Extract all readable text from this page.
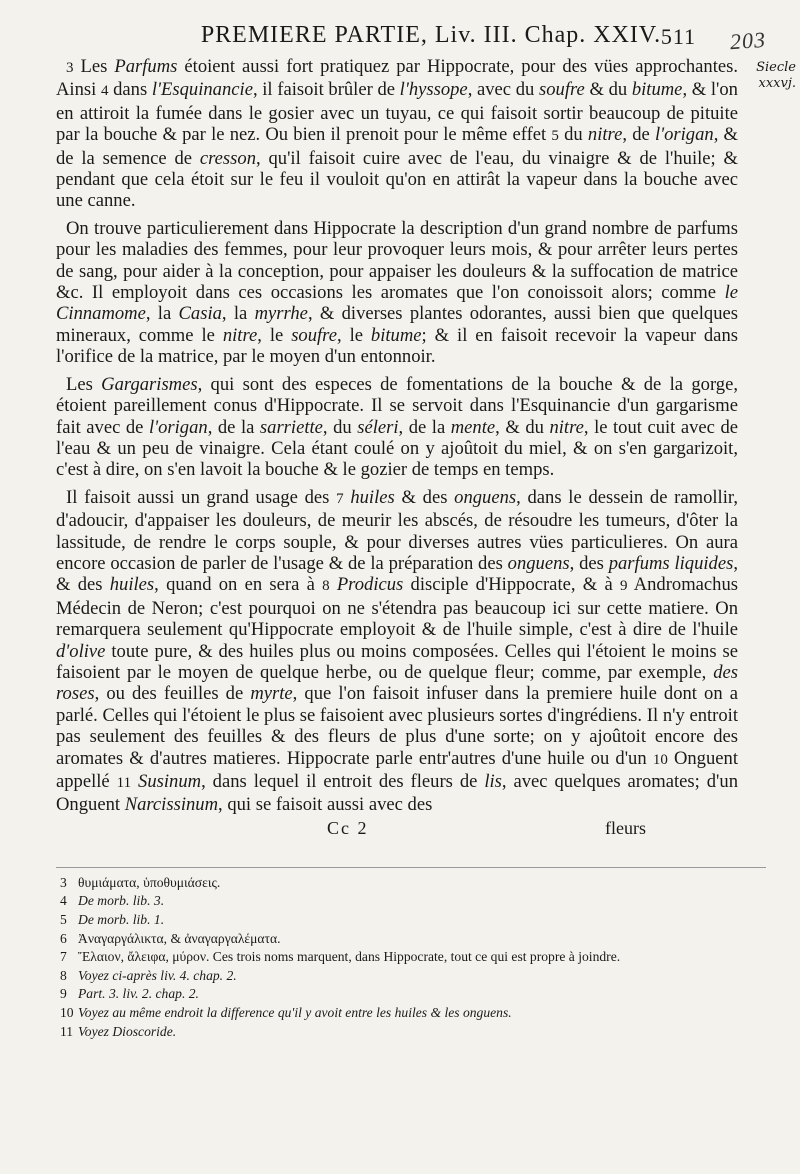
PREMIERE PARTIE, Liv. III. Chap. XXIV. 511 203
Siecle
xxxvj.

3 Les Parfums étoient aussi fort pratiquez par Hippocrate, pour des vües approchantes. Ainsi 4 dans l'Esquinancie, il faisoit brûler de l'hyssope, avec du soufre & du bitume, & l'on en attiroit la fumée dans le gosier avec un tuyau, ce qui faisoit sortir beaucoup de pituite par la bouche & par le nez. Ou bien il prenoit pour le même effet 5 du nitre, de l'origan, & de la semence de cresson, qu'il faisoit cuire avec de l'eau, du vinaigre & de l'huile; & pendant que cela étoit sur le feu il vouloit qu'on en attirât la vapeur dans la bouche avec une canne.

On trouve particulierement dans Hippocrate la description d'un grand nombre de parfums pour les maladies des femmes, pour leur provoquer leurs mois, & pour arrêter leurs pertes de sang, pour aider à la conception, pour appaiser les douleurs & la suffocation de matrice &c. Il employoit dans ces occasions les aromates que l'on conoissoit alors; comme le Cinnamome, la Casia, la myrrhe, & diverses plantes odorantes, aussi bien que quelques mineraux, comme le nitre, le soufre, le bitume; & il en faisoit recevoir la vapeur dans l'orifice de la matrice, par le moyen d'un entonnoir.

Les Gargarismes, qui sont des especes de fomentations de la bouche & de la gorge, étoient pareillement conus d'Hippocrate. Il se servoit dans l'Esquinancie d'un gargarisme fait avec de l'origan, de la sarriette, du séleri, de la mente, & du nitre, le tout cuit avec de l'eau & un peu de vinaigre. Cela étant coulé on y ajoûtoit du miel, & on s'en gargarizoit, c'est à dire, on s'en lavoit la bouche & le gozier de temps en temps.

Il faisoit aussi un grand usage des 7 huiles & des onguens, dans le dessein de ramollir, d'adoucir, d'appaiser les douleurs, de meurir les abscés, de résoudre les tumeurs, d'ôter la lassitude, de rendre le corps souple, & pour diverses autres vües particulieres. On aura encore occasion de parler de l'usage & de la préparation des onguens, des parfums liquides, & des huiles, quand on en sera à 8 Prodicus disciple d'Hippocrate, & à 9 Andromachus Médecin de Neron; c'est pourquoi on ne s'étendra pas beaucoup ici sur cette matiere. On remarquera seulement qu'Hippocrate employoit & de l'huile simple, c'est à dire de l'huile d'olive toute pure, & des huiles plus ou moins composées. Celles qui l'étoient le moins se faisoient par le moyen de quelque herbe, ou de quelque fleur; comme, par exemple, des roses, ou des feuilles de myrte, que l'on faisoit infuser dans la premiere huile dont on a parlé. Celles qui l'étoient le plus se faisoient avec plusieurs sortes d'ingrédiens. Il n'y entroit pas seulement des feuilles & des fleurs de plus d'une sorte; on y ajoûtoit encore des aromates & d'autres matieres. Hippocrate parle entr'autres d'une huile ou d'un 10 Onguent appellé 11 Susinum, dans lequel il entroit des fleurs de lis, avec quelques aromates; d'un Onguent Narcissinum, qui se faisoit aussi avec des

Cc 2	fleurs
3 θυμιάματα, ὑποθυμιάσεις.
4 De morb. lib. 3.
5 De morb. lib. 1.
6 Ἀναγαργάλικτα, & ἀναγαργαλέματα.
7 Ἔλαιον, ἄλειφα, μύρον. Ces trois noms marquent, dans Hippocrate, tout ce qui est propre à joindre.
8 Voyez ci-après liv. 4. chap. 2.
9 Part. 3. liv. 2. chap. 2.
10 Voyez au même endroit la difference qu'il y avoit entre les huiles & les onguens.
11 Voyez Dioscoride.
